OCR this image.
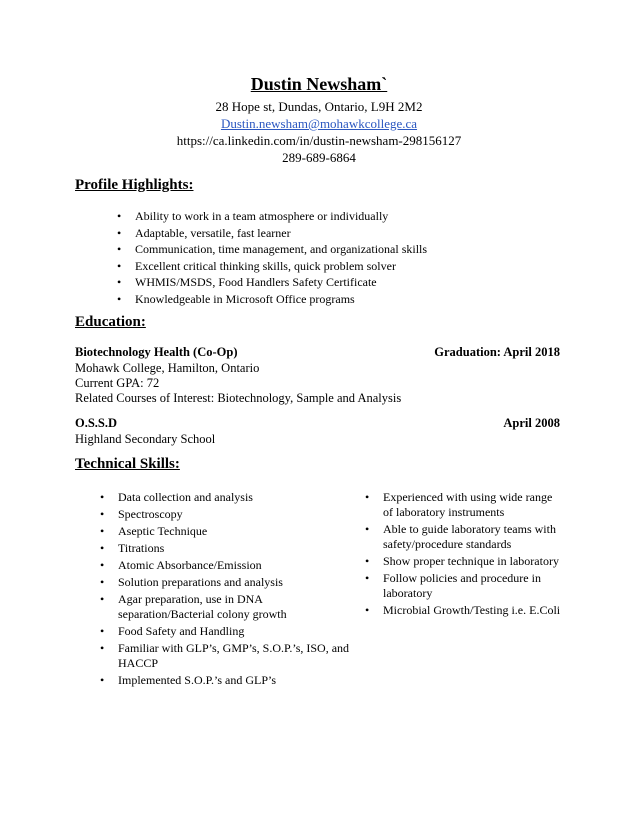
Dustin Newsham`
28 Hope st, Dundas, Ontario, L9H 2M2
Dustin.newsham@mohawkcollege.ca
https://ca.linkedin.com/in/dustin-newsham-298156127
289-689-6864
Profile Highlights:
• Ability to work in a team atmosphere or individually
• Adaptable, versatile, fast learner
• Communication, time management, and organizational skills
• Excellent critical thinking skills, quick problem solver
• WHMIS/MSDS, Food Handlers Safety Certificate
• Knowledgeable in Microsoft Office programs
Education:
Biotechnology Health (Co-Op)	Graduation: April 2018
Mohawk College, Hamilton, Ontario
Current GPA: 72
Related Courses of Interest: Biotechnology, Sample and Analysis
O.S.S.D	April 2008
Highland Secondary School
Technical Skills:
• Data collection and analysis
• Spectroscopy
• Aseptic Technique
• Titrations
• Atomic Absorbance/Emission
• Solution preparations and analysis
• Agar preparation, use in DNA separation/Bacterial colony growth
• Food Safety and Handling
• Familiar with GLP’s, GMP’s, S.O.P.’s, ISO, and HACCP
• Implemented S.O.P.’s and GLP’s
• Experienced with using wide range of laboratory instruments
• Able to guide laboratory teams with safety/procedure standards
• Show proper technique in laboratory
• Follow policies and procedure in laboratory
• Microbial Growth/Testing i.e. E.Coli
